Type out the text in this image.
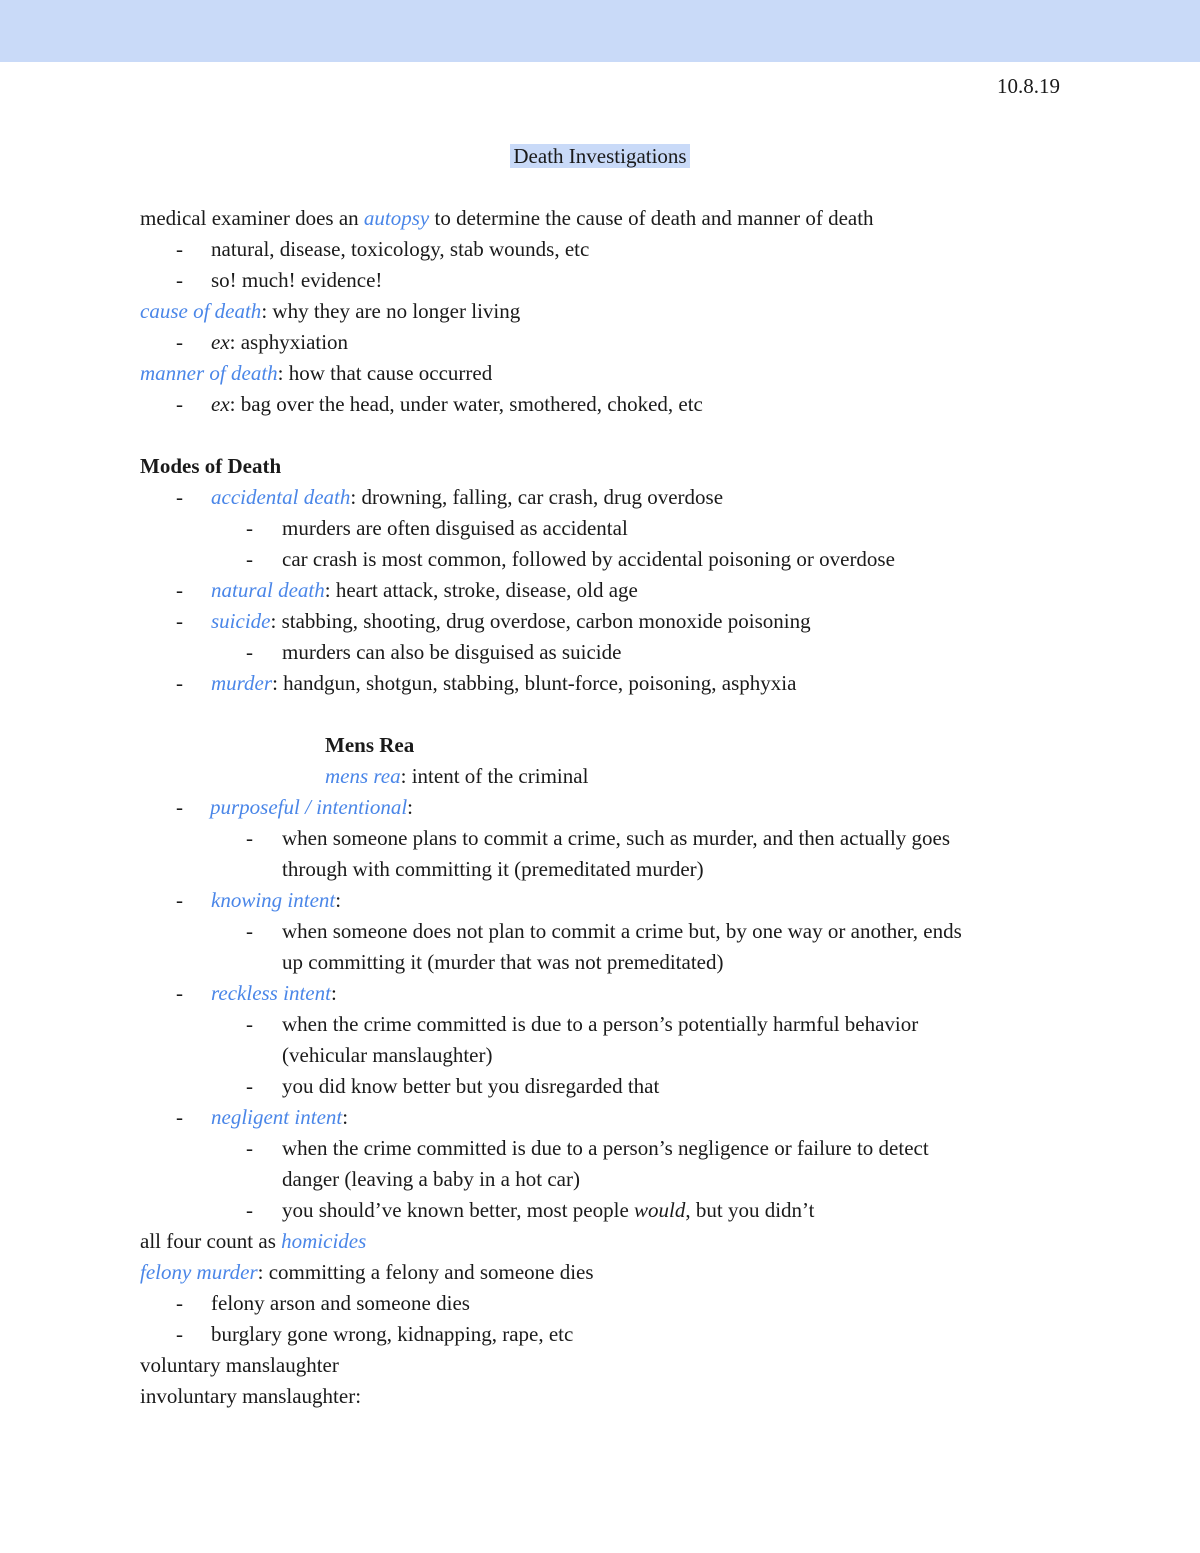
10.8.19
Death Investigations
medical examiner does an autopsy to determine the cause of death and manner of death
- natural, disease, toxicology, stab wounds, etc
- so! much! evidence!
cause of death: why they are no longer living
- ex: asphyxiation
manner of death: how that cause occurred
- ex: bag over the head, under water, smothered, choked, etc
Modes of Death
- accidental death: drowning, falling, car crash, drug overdose
- murders are often disguised as accidental
- car crash is most common, followed by accidental poisoning or overdose
- natural death: heart attack, stroke, disease, old age
- suicide: stabbing, shooting, drug overdose, carbon monoxide poisoning
- murders can also be disguised as suicide
- murder: handgun, shotgun, stabbing, blunt-force, poisoning, asphyxia
Mens Rea
mens rea: intent of the criminal
- purposeful / intentional:
- when someone plans to commit a crime, such as murder, and then actually goes
through with committing it (premeditated murder)
- knowing intent:
- when someone does not plan to commit a crime but, by one way or another, ends
up committing it (murder that was not premeditated)
- reckless intent:
- when the crime committed is due to a person’s potentially harmful behavior
(vehicular manslaughter)
- you did know better but you disregarded that
- negligent intent:
- when the crime committed is due to a person’s negligence or failure to detect
danger (leaving a baby in a hot car)
- you should’ve known better, most people would, but you didn’t
all four count as homicides
felony murder: committing a felony and someone dies
- felony arson and someone dies
- burglary gone wrong, kidnapping, rape, etc
voluntary manslaughter
involuntary manslaughter:
